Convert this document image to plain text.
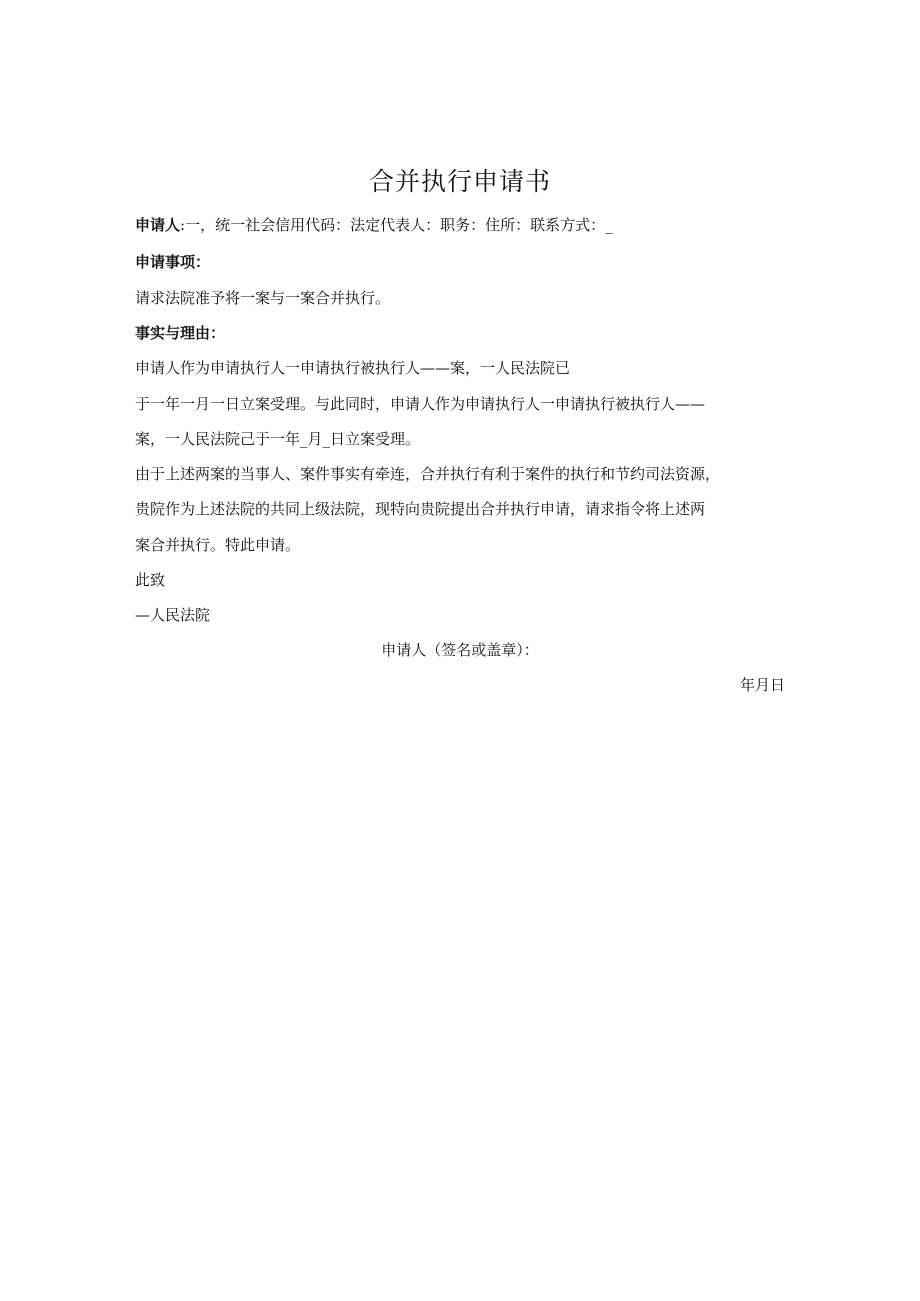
合并执行申请书
申请人:一，统一社会信用代码：法定代表人：职务：住所：联系方式：_
申请事项：
请求法院准予将一案与一案合并执行。
事实与理由：
申请人作为申请执行人一申请执行被执行人——案，一人民法院已
于一年一月一日立案受理。与此同时，申请人作为申请执行人一申请执行被执行人——
案，一人民法院己于一年_月_日立案受理。
由于上述两案的当事人、案件事实有牵连，合并执行有利于案件的执行和节约司法资源，
贵院作为上述法院的共同上级法院，现特向贵院提出合并执行申请，请求指令将上述两
案合并执行。特此申请。
此致
—人民法院
申请人（签名或盖章）：
年月日
